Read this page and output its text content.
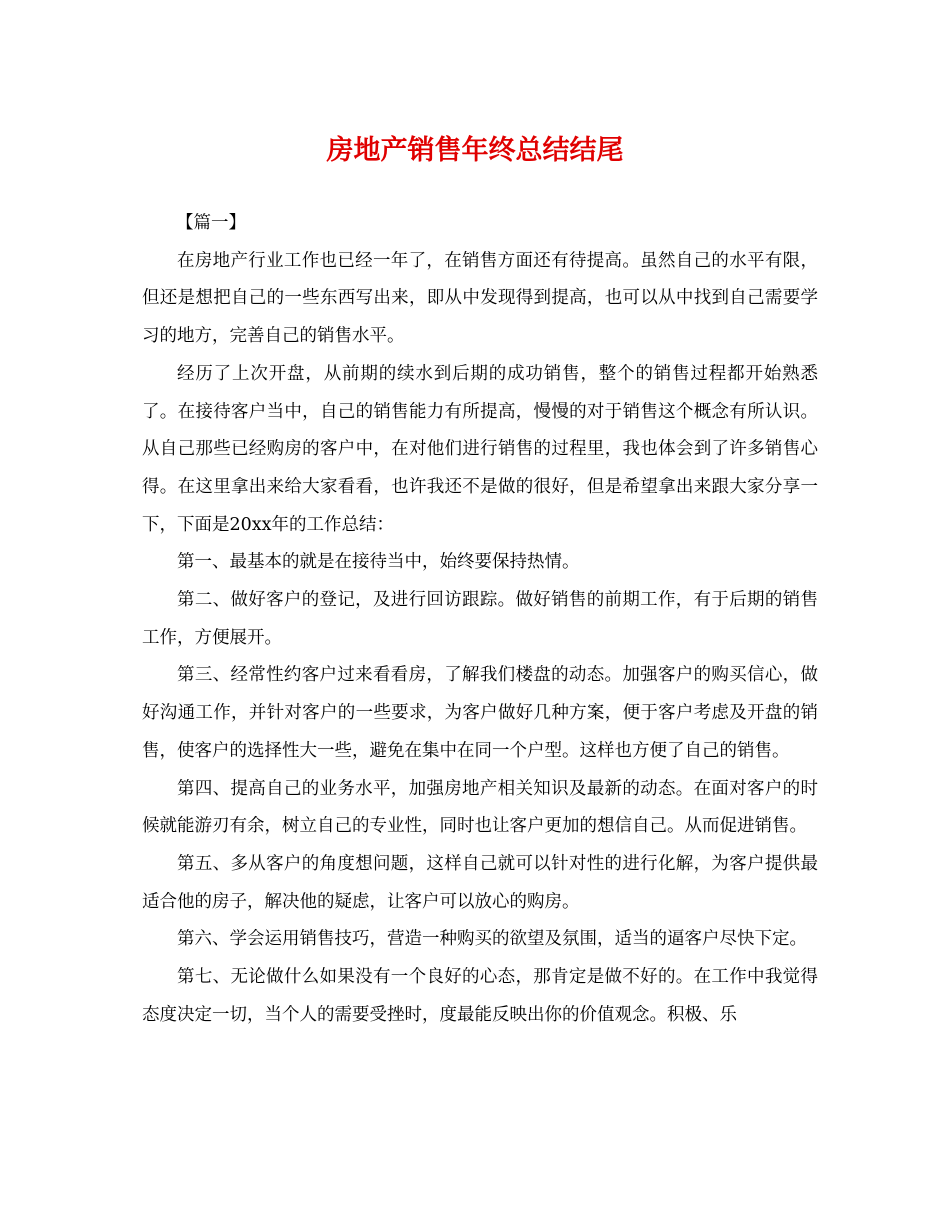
房地产销售年终总结结尾
【篇一】

在房地产行业工作也已经一年了，在销售方面还有待提高。虽然自己的水平有限，但还是想把自己的一些东西写出来，即从中发现得到提高，也可以从中找到自己需要学习的地方，完善自己的销售水平。

经历了上次开盘，从前期的续水到后期的成功销售，整个的销售过程都开始熟悉了。在接待客户当中，自己的销售能力有所提高，慢慢的对于销售这个概念有所认识。从自己那些已经购房的客户中，在对他们进行销售的过程里，我也体会到了许多销售心得。在这里拿出来给大家看看，也许我还不是做的很好，但是希望拿出来跟大家分享一下，下面是20xx年的工作总结：

第一、最基本的就是在接待当中，始终要保持热情。

第二、做好客户的登记，及进行回访跟踪。做好销售的前期工作，有于后期的销售工作，方便展开。

第三、经常性约客户过来看看房，了解我们楼盘的动态。加强客户的购买信心，做好沟通工作，并针对客户的一些要求，为客户做好几种方案，便于客户考虑及开盘的销售，使客户的选择性大一些，避免在集中在同一个户型。这样也方便了自己的销售。

第四、提高自己的业务水平，加强房地产相关知识及最新的动态。在面对客户的时候就能游刃有余，树立自己的专业性，同时也让客户更加的想信自己。从而促进销售。

第五、多从客户的角度想问题，这样自己就可以针对性的进行化解，为客户提供最适合他的房子，解决他的疑虑，让客户可以放心的购房。

第六、学会运用销售技巧，营造一种购买的欲望及氛围，适当的逼客户尽快下定。

第七、无论做什么如果没有一个良好的心态，那肯定是做不好的。在工作中我觉得态度决定一切，当个人的需要受挫时，度最能反映出你的价值观念。积极、乐
